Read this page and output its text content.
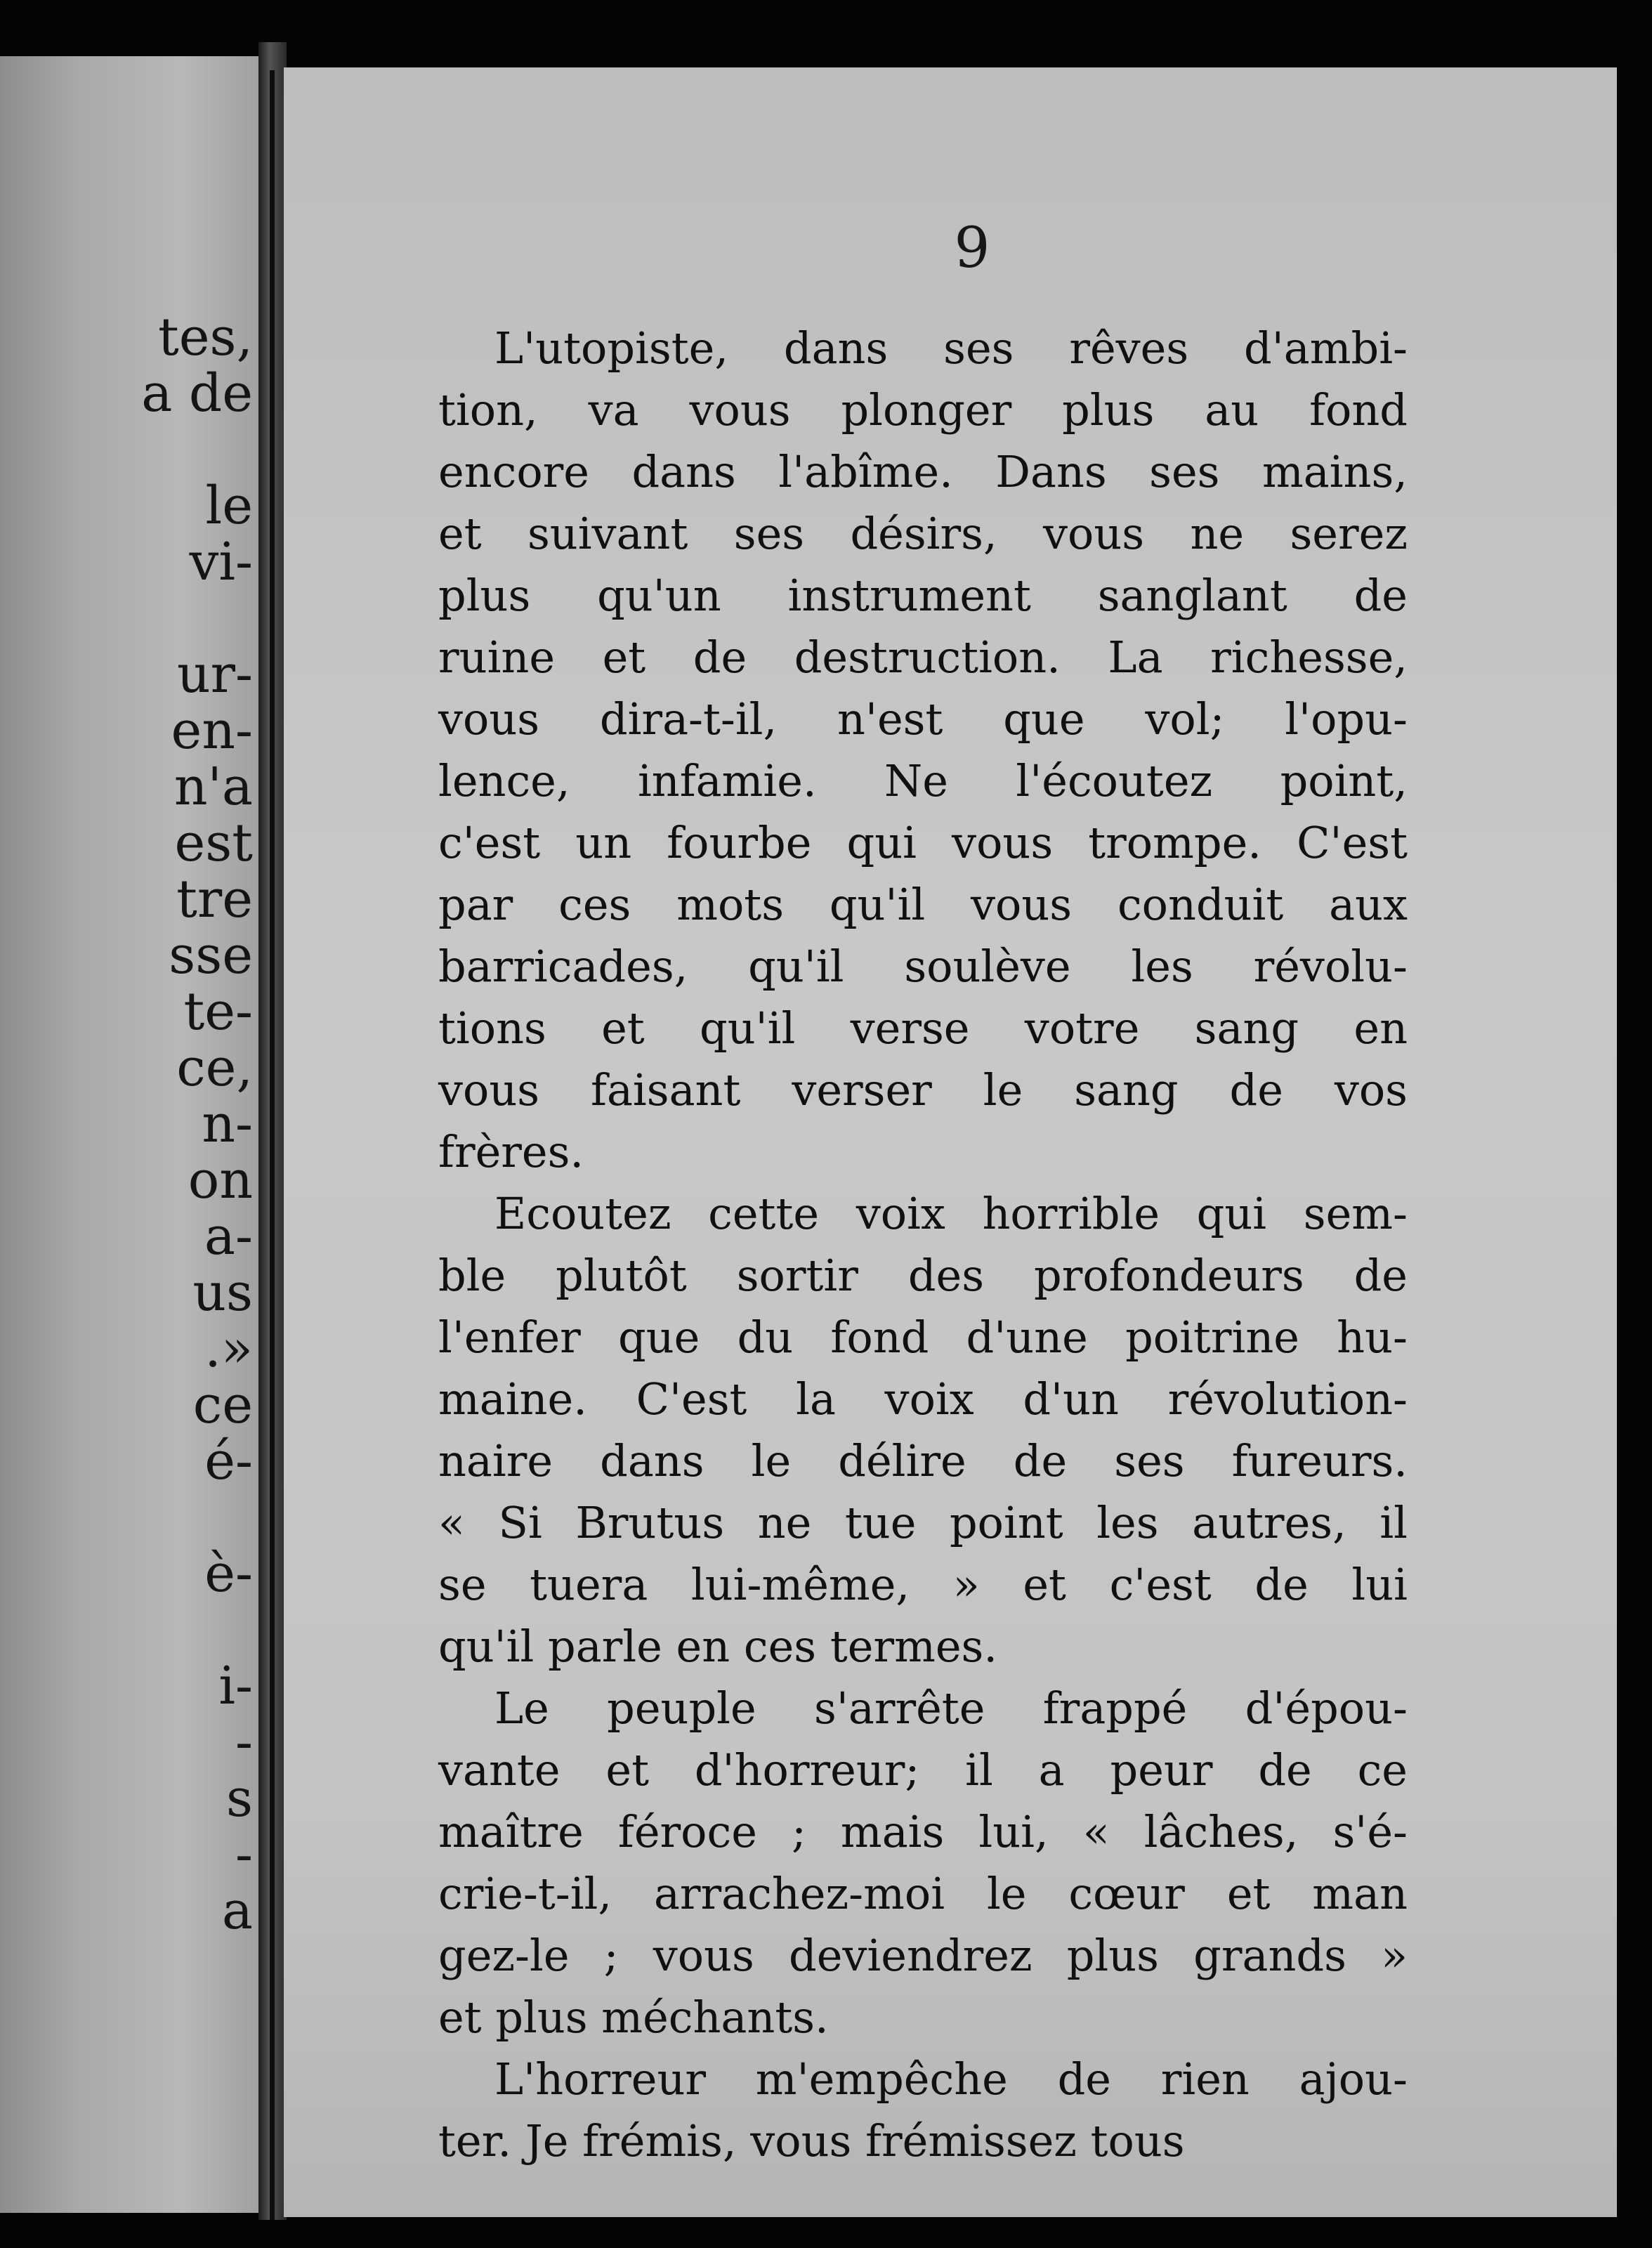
tes,
a de
le
vi-
ur-
en-
n'a
est
tre
sse
te-
ce,
n-
on
a-
us
.»
ce
é-
è-
i-
-
s
-
a
9
L'utopiste, dans ses rêves d'ambi-
tion, va vous plonger plus au fond
encore dans l'abîme. Dans ses mains,
et suivant ses désirs, vous ne serez
plus qu'un instrument sanglant de
ruine et de destruction. La richesse,
vous dira-t-il, n'est que vol; l'opu-
lence, infamie. Ne l'écoutez point,
c'est un fourbe qui vous trompe. C'est
par ces mots qu'il vous conduit aux
barricades, qu'il soulève les révolu-
tions et qu'il verse votre sang en
vous faisant verser le sang de vos
frères.
Ecoutez cette voix horrible qui sem-
ble plutôt sortir des profondeurs de
l'enfer que du fond d'une poitrine hu-
maine. C'est la voix d'un révolution-
naire dans le délire de ses fureurs.
« Si Brutus ne tue point les autres, il
se tuera lui-même, » et c'est de lui
qu'il parle en ces termes.
Le peuple s'arrête frappé d'épou-
vante et d'horreur; il a peur de ce
maître féroce ; mais lui, « lâches, s'é-
crie-t-il, arrachez-moi le cœur et man
gez-le ; vous deviendrez plus grands »
et plus méchants.
L'horreur m'empêche de rien ajou-
ter. Je frémis, vous frémissez tous
